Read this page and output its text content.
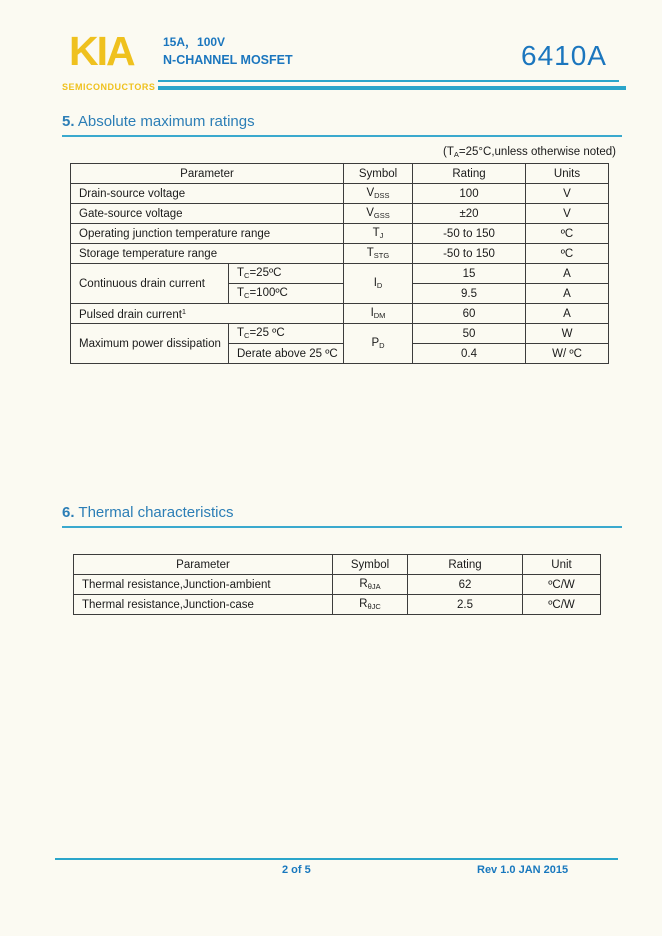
KIA
SEMICONDUCTORS
15A，100V
N-CHANNEL MOSFET	6410A
5. Absolute maximum ratings
($T_A=25^\circ C,unless$ otherwise noted)
Parameter		Symbol	Rating	Units
Drain-source voltage		$V_{DSS}$	100	V
Gate-source voltage		$V_{GSS}$	±20	V
Operating junction temperature range		$T_J$	-50 to 150	ºC
Storage temperature range		$T_{STG}$	-50 to 150	ºC
Continuous drain current	$T_C=25ºC$	$I_D$	15	A
	$T_C=100ºC$		9.5	A
Pulsed drain current$^1$		$I_{DM}$	60	A
Maximum power dissipation	$T_C=25$ ºC	$P_D$	50	W
	Derate above 25 ºC		0.4	W/ ºC
6. Thermal characteristics
Parameter	Symbol	Rating	Unit
Thermal resistance,Junction-ambient	$R_{\theta JA}$	62	ºC/W
Thermal resistance,Junction-case	$R_{\theta JC}$	2.5	ºC/W
2 of 5	Rev 1.0 JAN 2015
